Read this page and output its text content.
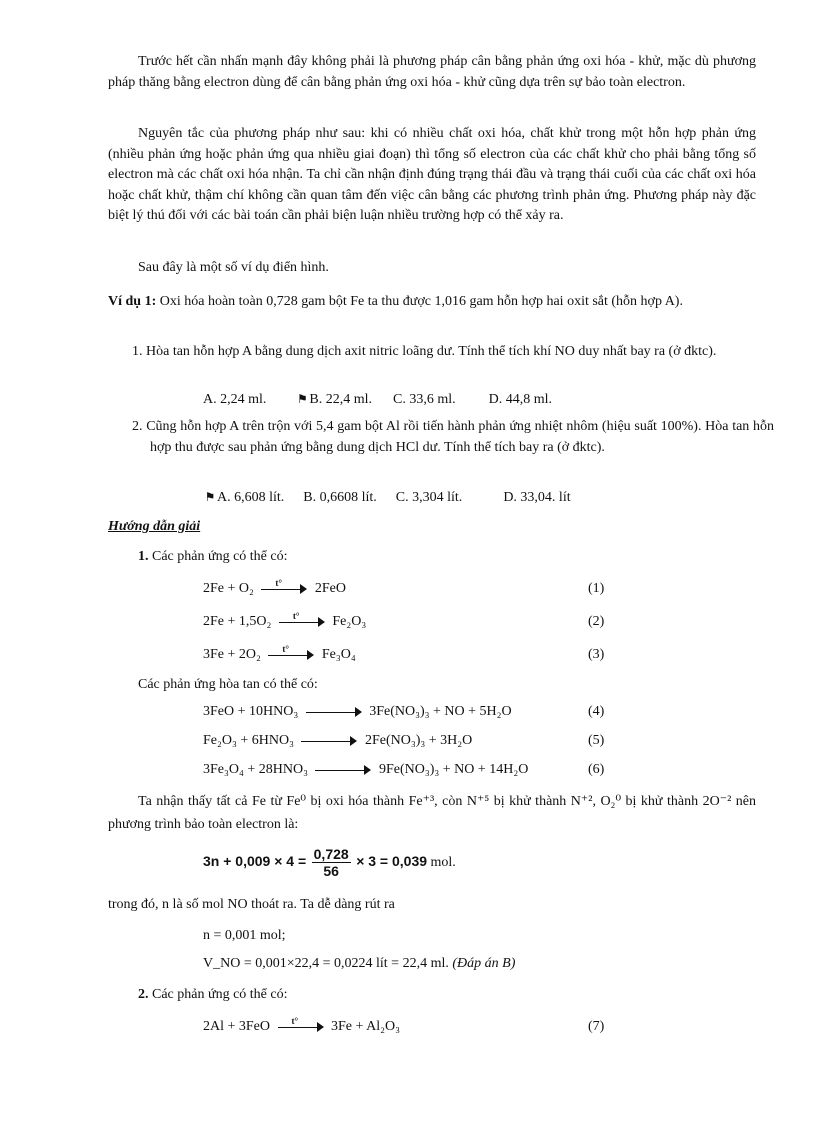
Trước hết cần nhấn mạnh đây không phải là phương pháp cân bằng phản ứng oxi hóa - khử, mặc dù phương pháp thăng bằng electron dùng để cân bằng phản ứng oxi hóa - khử cũng dựa trên sự bảo toàn electron.
Nguyên tắc của phương pháp như sau: khi có nhiều chất oxi hóa, chất khử trong một hỗn hợp phản ứng (nhiều phản ứng hoặc phản ứng qua nhiều giai đoạn) thì tổng số electron của các chất khử cho phải bằng tổng số electron mà các chất oxi hóa nhận. Ta chỉ cần nhận định đúng trạng thái đầu và trạng thái cuối của các chất oxi hóa hoặc chất khử, thậm chí không cần quan tâm đến việc cân bằng các phương trình phản ứng. Phương pháp này đặc biệt lý thú đối với các bài toán cần phải biện luận nhiều trường hợp có thể xảy ra.
Sau đây là một số ví dụ điển hình.
Ví dụ 1: Oxi hóa hoàn toàn 0,728 gam bột Fe ta thu được 1,016 gam hỗn hợp hai oxit sắt (hỗn hợp A).
1. Hòa tan hỗn hợp A bằng dung dịch axit nitric loãng dư. Tính thể tích khí NO duy nhất bay ra (ở đktc).
A. 2,24 ml.	⚑ B. 22,4 ml. C. 33,6 ml. D. 44,8 ml.
2. Cũng hỗn hợp A trên trộn với 5,4 gam bột Al rồi tiến hành phản ứng nhiệt nhôm (hiệu suất 100%). Hòa tan hỗn hợp thu được sau phản ứng bằng dung dịch HCl dư. Tính thể tích bay ra (ở đktc).
⚑ A. 6,608 lít. B. 0,6608 lít. C. 3,304 lít.	D. 33,04. lít
Hướng dẫn giải
1. Các phản ứng có thể có:
2Fe + O₂ t° 2FeO	(1)
2Fe + 1,5O₂ t° Fe₂O₃	(2)
3Fe + 2O₂ t° Fe₃O₄	(3)
Các phản ứng hòa tan có thể có:
3FeO + 10HNO₃	3Fe(NO₃)₃ + NO + 5H₂O	(4)
Fe₂O₃ + 6HNO₃	2Fe(NO₃)₃ + 3H₂O	(5)
3Fe₃O₄ + 28HNO₃	9Fe(NO₃)₃ + NO + 14H₂O	(6)
Ta nhận thấy tất cả Fe từ Fe⁰ bị oxi hóa thành Fe⁺³, còn N⁺⁵ bị khử thành N⁺², O₂⁰ bị khử thành 2O⁻² nên phương trình bảo toàn electron là:
$3n + 0,009 \times 4 = \frac{0,728}{56} \times 3 = 0,039$ mol.
trong đó, n là số mol NO thoát ra. Ta dễ dàng rút ra
n = 0,001 mol;
V_NO = 0,001×22,4 = 0,0224 lít = 22,4 ml. (Đáp án B)
2. Các phản ứng có thể có:
2Al + 3FeO t° 3Fe + Al₂O₃	(7)
